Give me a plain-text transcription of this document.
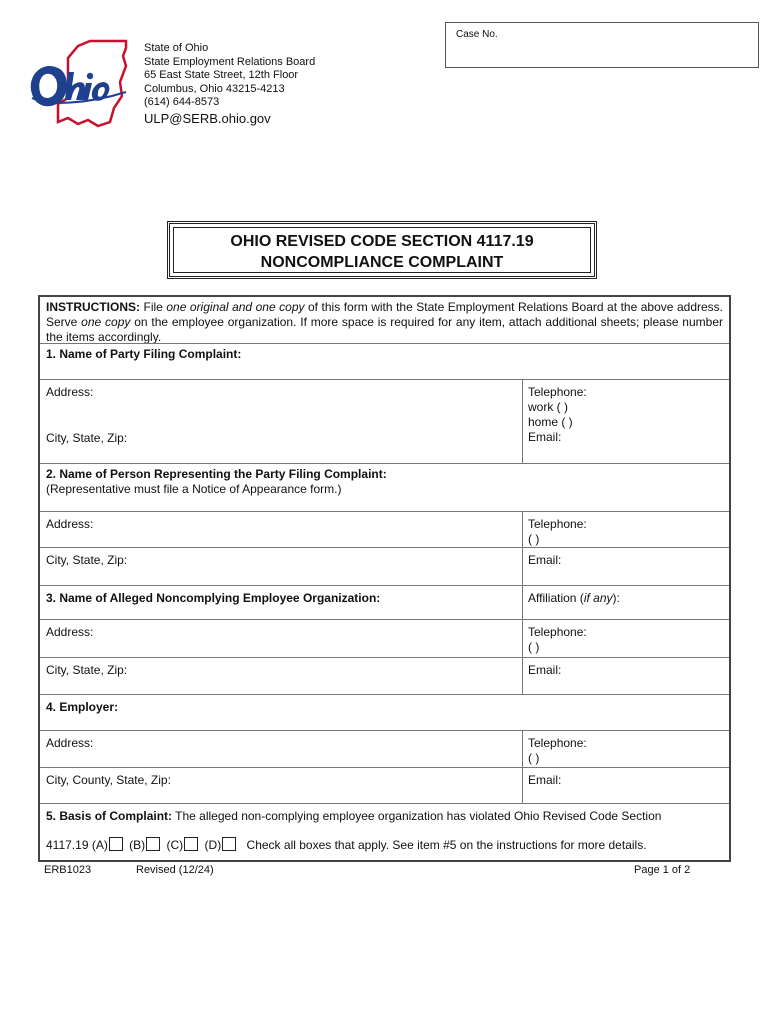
State of Ohio
State Employment Relations Board
65 East State Street, 12th Floor
Columbus, Ohio 43215-4213
(614) 644-8573
ULP@SERB.ohio.gov
Case No.
OHIO REVISED CODE SECTION 4117.19
NONCOMPLIANCE COMPLAINT
INSTRUCTIONS: File one original and one copy of this form with the State Employment Relations Board at the above address. Serve one copy on the employee organization. If more space is required for any item, attach additional sheets; please number the items accordingly.
1. Name of Party Filing Complaint:
Address:
City, State, Zip:
Telephone:
work ( )
home ( )
Email:
2. Name of Person Representing the Party Filing Complaint:
(Representative must file a Notice of Appearance form.)
Address:	Telephone:
( )
City, State, Zip:	Email:
3. Name of Alleged Noncomplying Employee Organization:	Affiliation (if any):
Address:	Telephone:
( )
City, State, Zip:	Email:
4. Employer:
Address:	Telephone:
( )
City, County, State, Zip:	Email:
5. Basis of Complaint: The alleged non-complying employee organization has violated Ohio Revised Code Section
4117.19 (A) (B) (C) (D) Check all boxes that apply. See item #5 on the instructions for more details.
ERB1023	Revised (12/24)	Page 1 of 2
